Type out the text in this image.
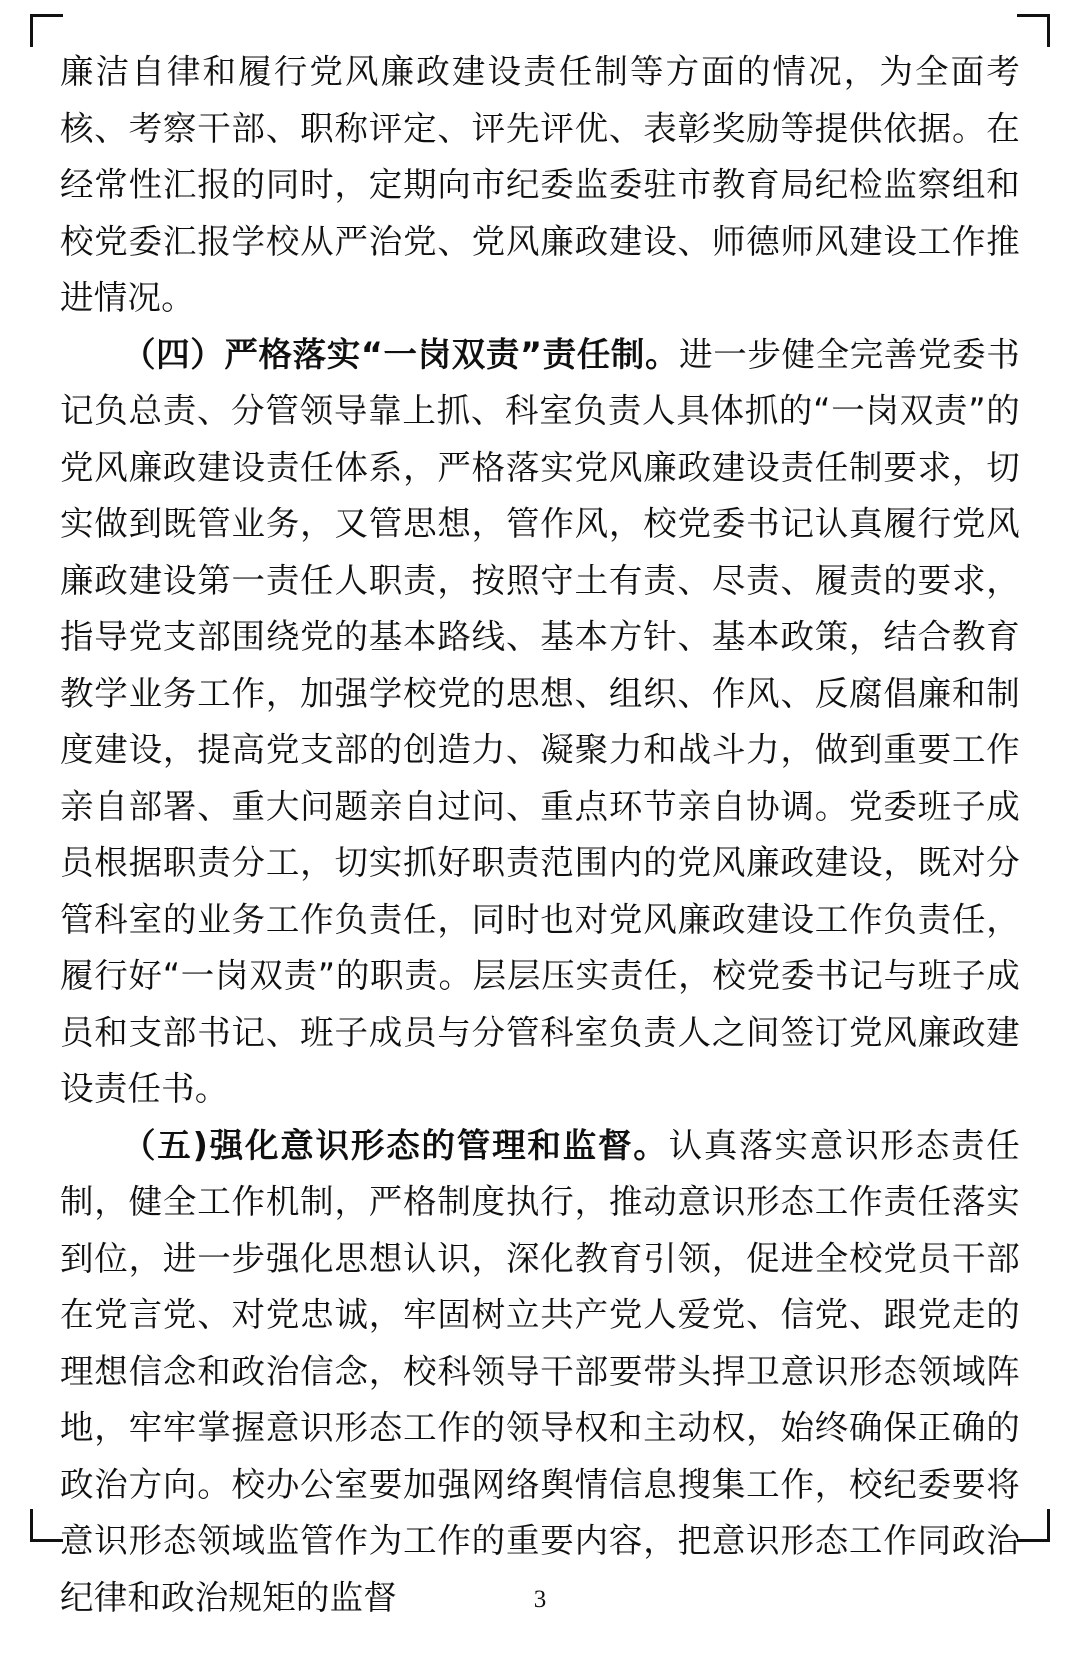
廉洁自律和履行党风廉政建设责任制等方面的情况，为全面考核、考察干部、职称评定、评先评优、表彰奖励等提供依据。在经常性汇报的同时，定期向市纪委监委驻市教育局纪检监察组和校党委汇报学校从严治党、党风廉政建设、师德师风建设工作推进情况。

（四）严格落实“一岗双责”责任制。进一步健全完善党委书记负总责、分管领导靠上抓、科室负责人具体抓的“一岗双责”的党风廉政建设责任体系，严格落实党风廉政建设责任制要求，切实做到既管业务，又管思想，管作风，校党委书记认真履行党风廉政建设第一责任人职责，按照守土有责、尽责、履责的要求，指导党支部围绕党的基本路线、基本方针、基本政策，结合教育教学业务工作，加强学校党的思想、组织、作风、反腐倡廉和制度建设，提高党支部的创造力、凝聚力和战斗力，做到重要工作亲自部署、重大问题亲自过问、重点环节亲自协调。党委班子成员根据职责分工，切实抓好职责范围内的党风廉政建设，既对分管科室的业务工作负责任，同时也对党风廉政建设工作负责任，履行好“一岗双责”的职责。层层压实责任，校党委书记与班子成员和支部书记、班子成员与分管科室负责人之间签订党风廉政建设责任书。

（五)强化意识形态的管理和监督。认真落实意识形态责任制，健全工作机制，严格制度执行，推动意识形态工作责任落实到位，进一步强化思想认识，深化教育引领，促进全校党员干部在党言党、对党忠诚，牢固树立共产党人爱党、信党、跟党走的理想信念和政治信念，校科领导干部要带头捍卫意识形态领域阵地，牢牢掌握意识形态工作的领导权和主动权，始终确保正确的政治方向。校办公室要加强网络舆情信息搜集工作，校纪委要将意识形态领域监管作为工作的重要内容，把意识形态工作同政治纪律和政治规矩的监督	3
